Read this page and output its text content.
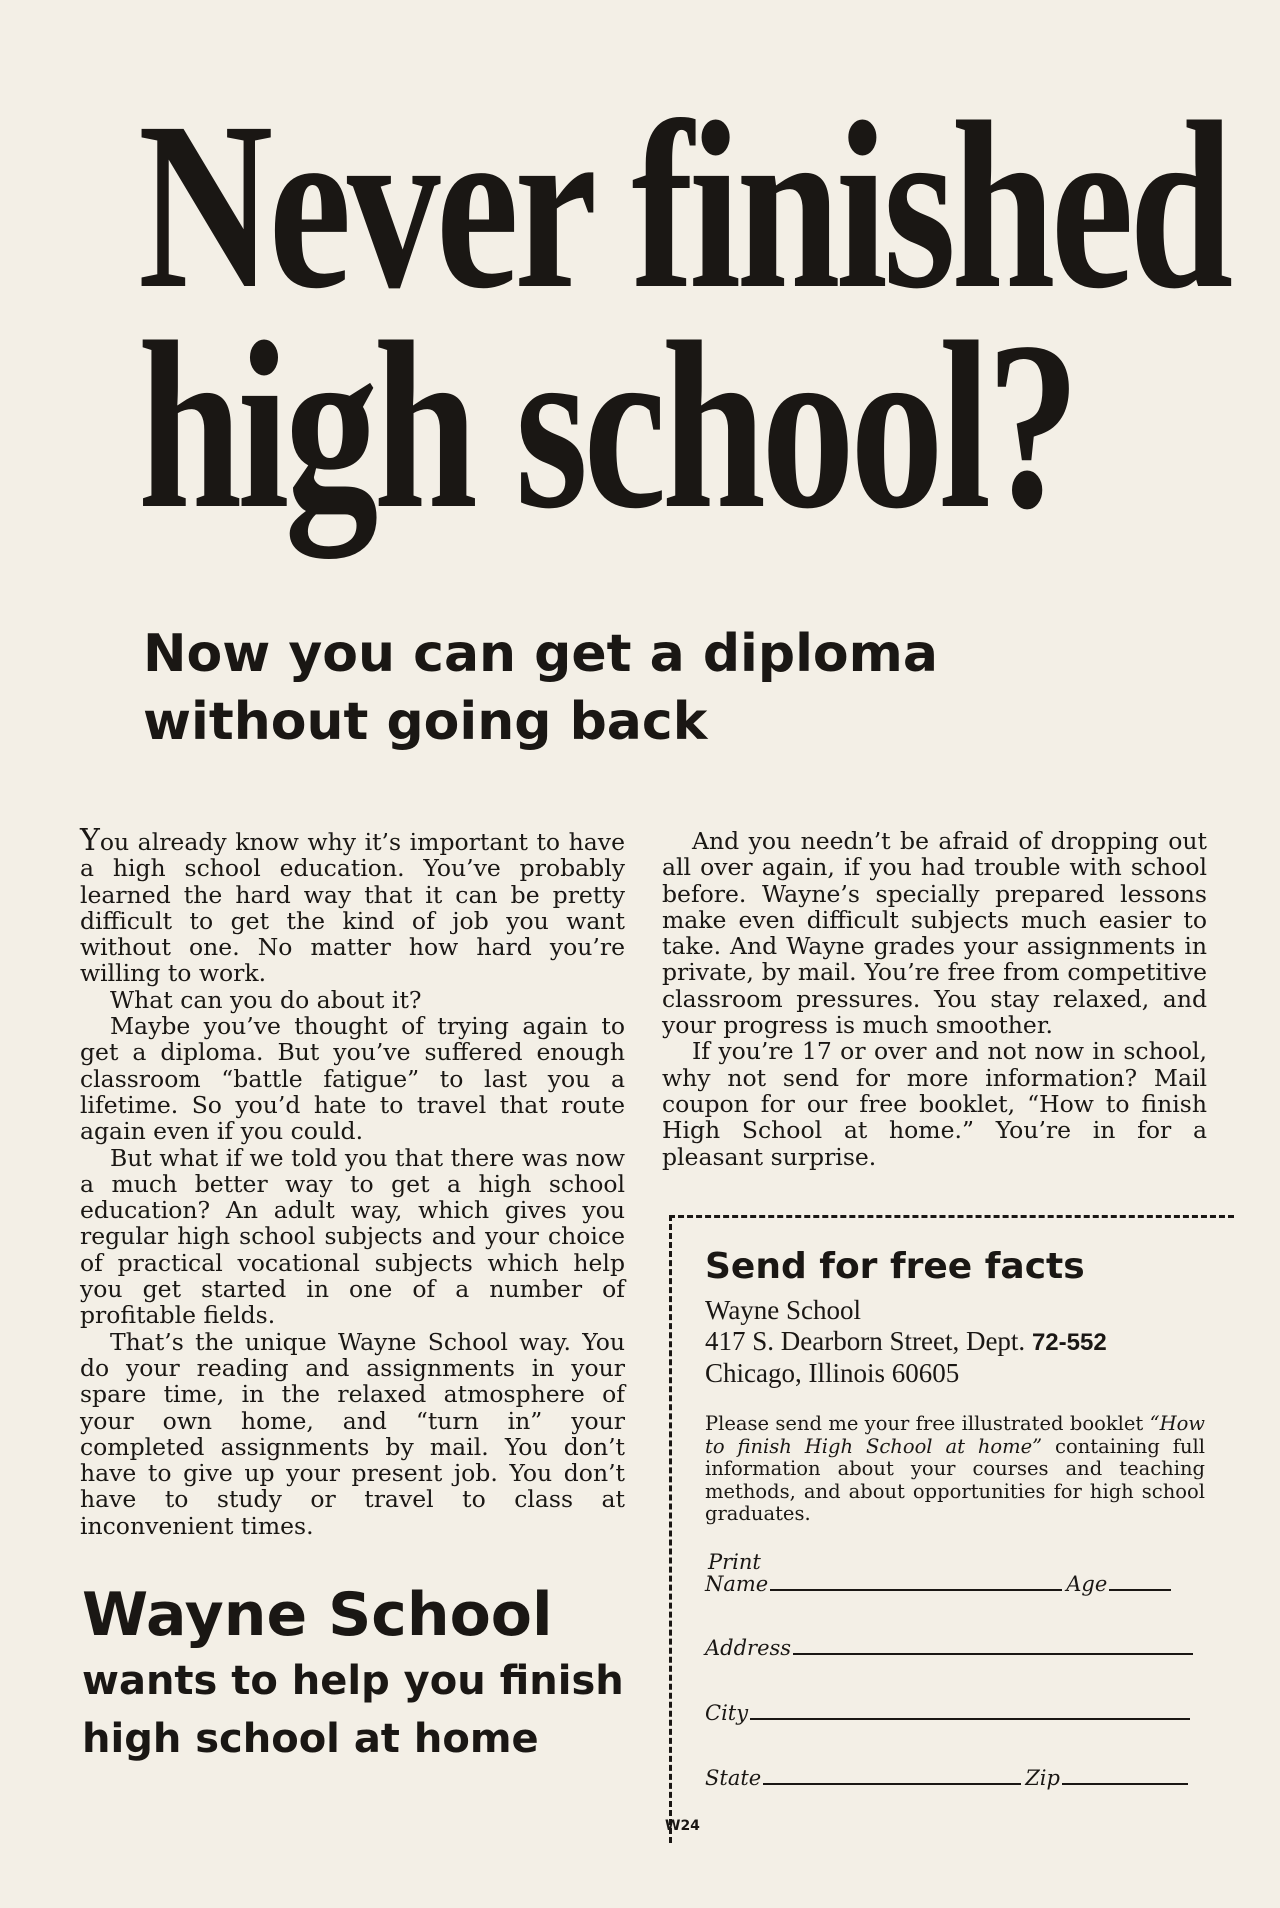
Never finished
high school?
Now you can get a diploma
without going back

You already know why it’s important to have a high school education. You’ve probably learned the hard way that it can be pretty difficult to get the kind of job you want without one. No matter how hard you’re willing to work.

What can you do about it?

Maybe you’ve thought of trying again to get a diploma. But you’ve suffered enough classroom “battle fatigue” to last you a lifetime. So you’d hate to travel that route again even if you could.

But what if we told you that there was now a much better way to get a high school education? An adult way, which gives you regular high school subjects and your choice of practical vocational subjects which help you get started in one of a number of profitable fields.

That’s the unique Wayne School way. You do your reading and assignments in your spare time, in the relaxed atmosphere of your own home, and “turn in” your completed assignments by mail. You don’t have to give up your present job. You don’t have to study or travel to class at inconvenient times.

And you needn’t be afraid of dropping out all over again, if you had trouble with school before. Wayne’s specially prepared lessons make even difficult subjects much easier to take. And Wayne grades your assignments in private, by mail. You’re free from competitive classroom pressures. You stay relaxed, and your progress is much smoother.

If you’re 17 or over and not now in school, why not send for more information? Mail coupon for our free booklet, “How to finish High School at home.” You’re in for a pleasant surprise.

Wayne School
wants to help you finish
high school at home
Send for free facts
Wayne School
417 S. Dearborn Street, Dept. 72-552
Chicago, Illinois 60605
Please send me your free illustrated booklet “How to finish High School at home” containing full information about your courses and teaching methods, and about opportunities for high school graduates.
Print
Name	Age
Address
City
State	Zip
W24
